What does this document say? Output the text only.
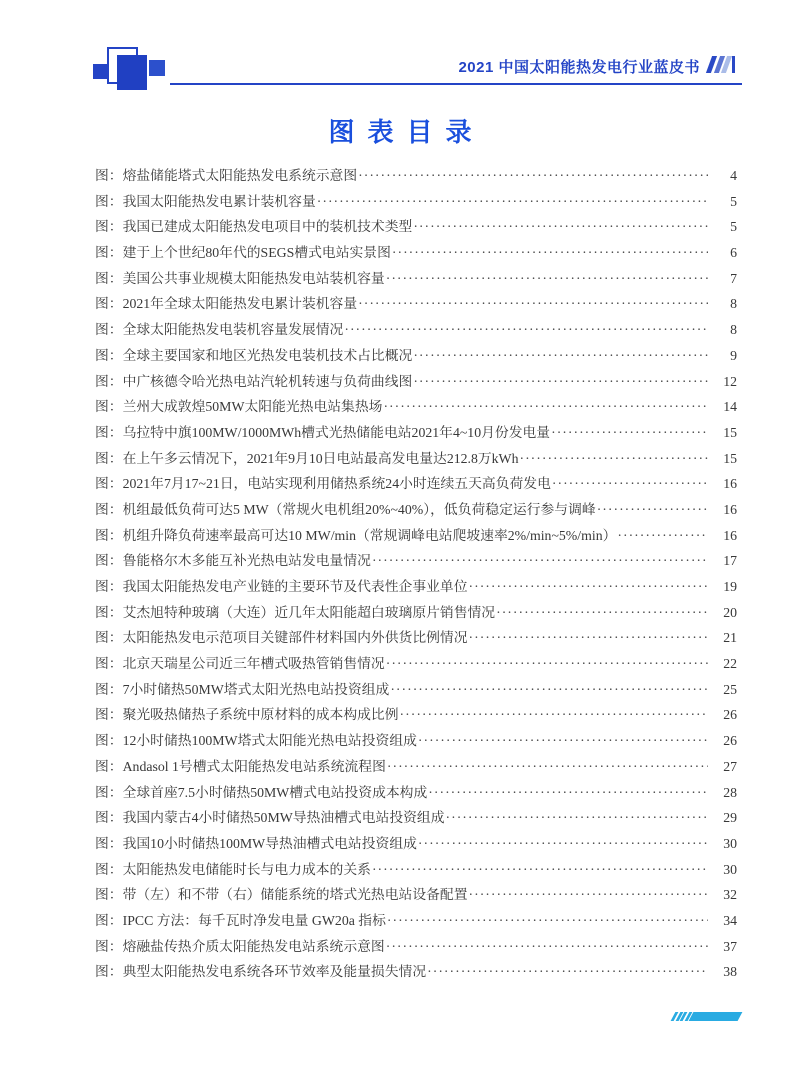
2021 中国太阳能热发电行业蓝皮书
图表目录
图：熔盐储能塔式太阳能热发电系统示意图 ·····	4
图：我国太阳能热发电累计装机容量 ·····	5
图：我国已建成太阳能热发电项目中的装机技术类型 ·····	5
图：建于上个世纪80年代的SEGS槽式电站实景图 ·····	6
图：美国公共事业规模太阳能热发电站装机容量 ·····	7
图：2021年全球太阳能热发电累计装机容量 ·····	8
图：全球太阳能热发电装机容量发展情况 ·····	8
图：全球主要国家和地区光热发电装机技术占比概况 ·····	9
图：中广核德令哈光热电站汽轮机转速与负荷曲线图 ·····	12
图：兰州大成敦煌50MW太阳能光热电站集热场 ·····	14
图：乌拉特中旗100MW/1000MWh槽式光热储能电站2021年4~10月份发电量 ·····	15
图：在上午多云情况下，2021年9月10日电站最高发电量达212.8万kWh ·····	15
图：2021年7月17~21日，电站实现利用储热系统24小时连续五天高负荷发电 ·····	16
图：机组最低负荷可达5 MW（常规火电机组20%~40%），低负荷稳定运行参与调峰 ·····	16
图：机组升降负荷速率最高可达10 MW/min（常规调峰电站爬坡速率2%/min~5%/min） ·····	16
图：鲁能格尔木多能互补光热电站发电量情况 ·····	17
图：我国太阳能热发电产业链的主要环节及代表性企事业单位 ·····	19
图：艾杰旭特种玻璃（大连）近几年太阳能超白玻璃原片销售情况 ·····	20
图：太阳能热发电示范项目关键部件材料国内外供货比例情况 ·····	21
图：北京天瑞星公司近三年槽式吸热管销售情况 ·····	22
图：7小时储热50MW塔式太阳光热电站投资组成 ·····	25
图：聚光吸热储热子系统中原材料的成本构成比例 ·····	26
图：12小时储热100MW塔式太阳能光热电站投资组成 ·····	26
图：Andasol 1号槽式太阳能热发电站系统流程图 ·····	27
图：全球首座7.5小时储热50MW槽式电站投资成本构成 ·····	28
图：我国内蒙古4小时储热50MW导热油槽式电站投资组成 ·····	29
图：我国10小时储热100MW导热油槽式电站投资组成 ·····	30
图：太阳能热发电储能时长与电力成本的关系 ·····	30
图：带（左）和不带（右）储能系统的塔式光热电站设备配置 ·····	32
图：IPCC 方法：每千瓦时净发电量 GW20a 指标 ·····	34
图：熔融盐传热介质太阳能热发电站系统示意图 ·····	37
图：典型太阳能热发电系统各环节效率及能量损失情况 ·····	38
